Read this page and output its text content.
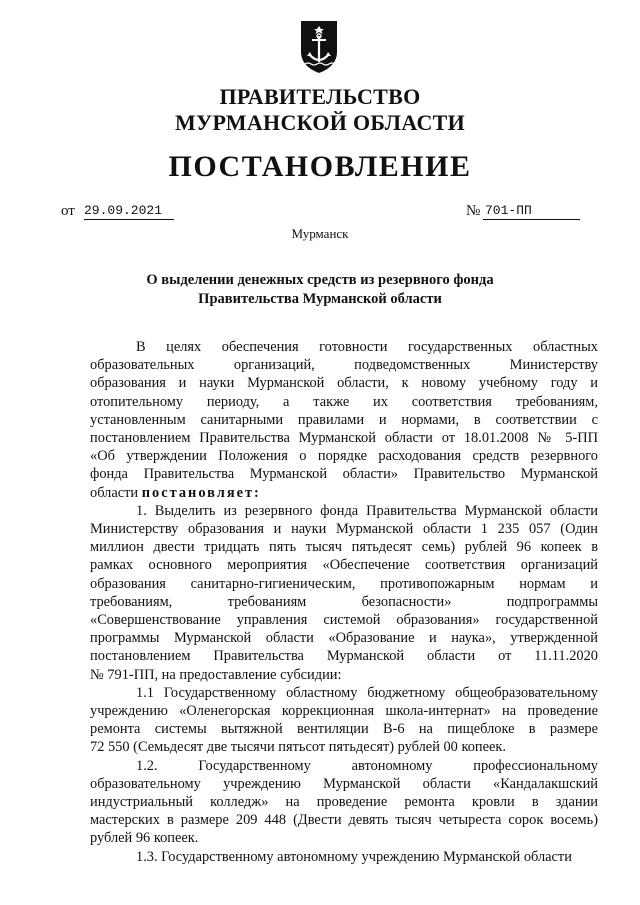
ПРАВИТЕЛЬСТВО
МУРМАНСКОЙ ОБЛАСТИ
ПОСТАНОВЛЕНИЕ
от 29.09.2021	№ 701-ПП
Мурманск
О выделении денежных средств из резервного фонда
Правительства Мурманской области
В целях обеспечения готовности государственных областных
образовательных организаций, подведомственных Министерству
образования и науки Мурманской области, к новому учебному году и
отопительному периоду, а также их соответствия требованиям,
установленным санитарными правилами и нормами, в соответствии с
постановлением Правительства Мурманской области от 18.01.2008 № 5-ПП
«Об утверждении Положения о порядке расходования средств резервного
фонда Правительства Мурманской области» Правительство Мурманской
области постановляет:
1. Выделить из резервного фонда Правительства Мурманской области
Министерству образования и науки Мурманской области 1 235 057 (Один
миллион двести тридцать пять тысяч пятьдесят семь) рублей 96 копеек в
рамках основного мероприятия «Обеспечение соответствия организаций
образования санитарно-гигиеническим, противопожарным нормам и
требованиям, требованиям безопасности» подпрограммы
«Совершенствование управления системой образования» государственной
программы Мурманской области «Образование и наука», утвержденной
постановлением Правительства Мурманской области от 11.11.2020
№ 791-ПП, на предоставление субсидии:
1.1 Государственному областному бюджетному общеобразовательному
учреждению «Оленегорская коррекционная школа-интернат» на проведение
ремонта системы вытяжной вентиляции В-6 на пищеблоке в размере
72 550 (Семьдесят две тысячи пятьсот пятьдесят) рублей 00 копеек.
1.2. Государственному автономному профессиональному
образовательному учреждению Мурманской области «Кандалакшский
индустриальный колледж» на проведение ремонта кровли в здании
мастерских в размере 209 448 (Двести девять тысяч четыреста сорок восемь)
рублей 96 копеек.
1.3. Государственному автономному учреждению Мурманской области
